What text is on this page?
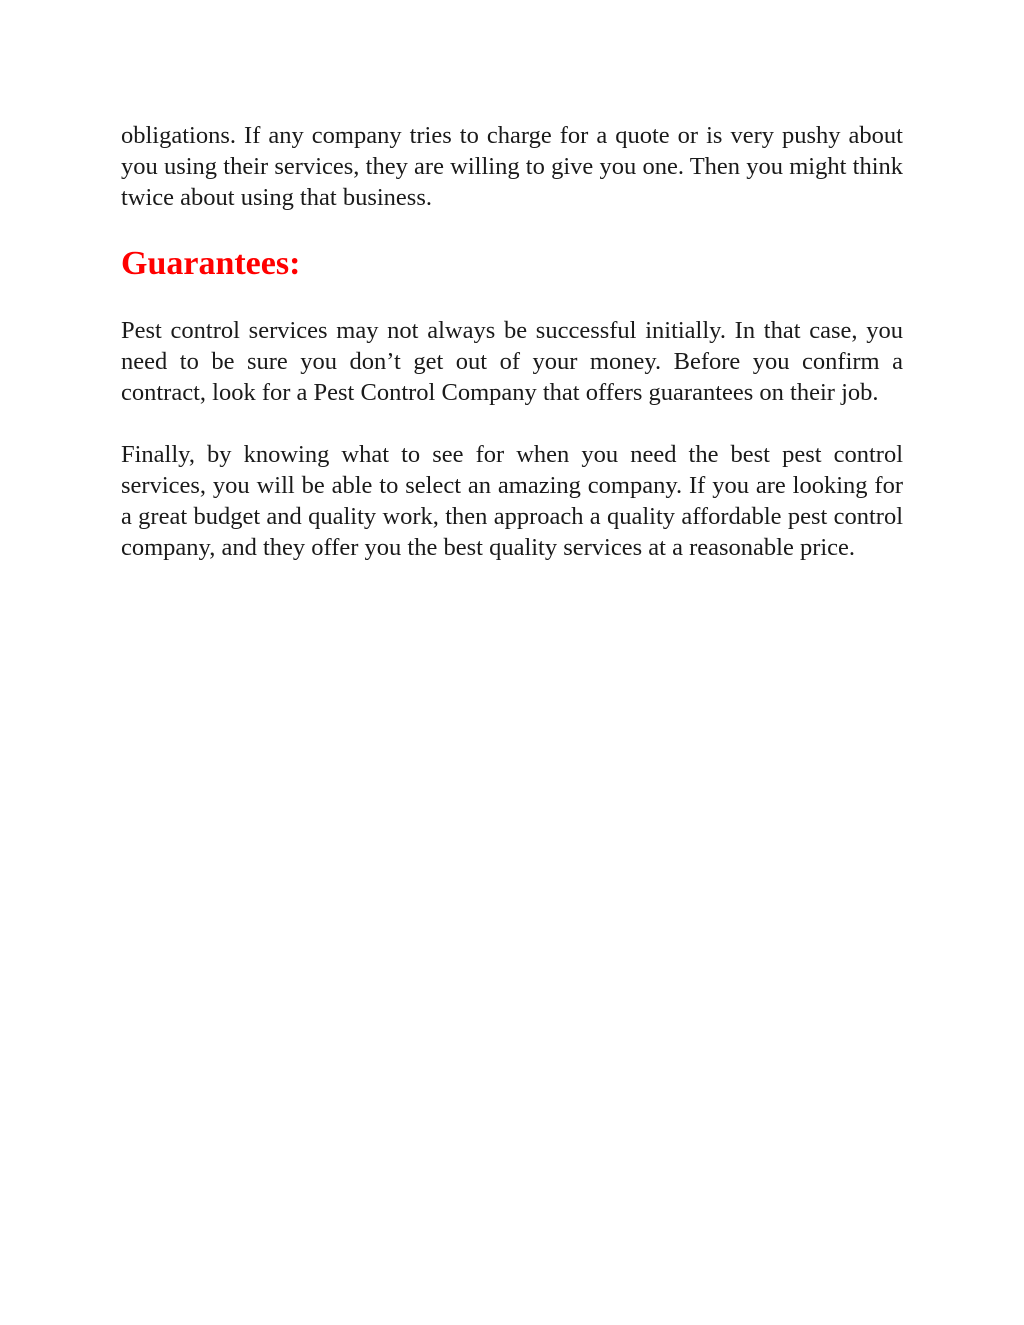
obligations. If any company tries to charge for a quote or is very pushy about you using their services, they are willing to give you one. Then you might think twice about using that business.

Guarantees:

Pest control services may not always be successful initially. In that case, you need to be sure you don’t get out of your money. Before you confirm a contract, look for a Pest Control Company that offers guarantees on their job.

Finally, by knowing what to see for when you need the best pest control services, you will be able to select an amazing company. If you are looking for a great budget and quality work, then approach a quality affordable pest control company, and they offer you the best quality services at a reasonable price.
